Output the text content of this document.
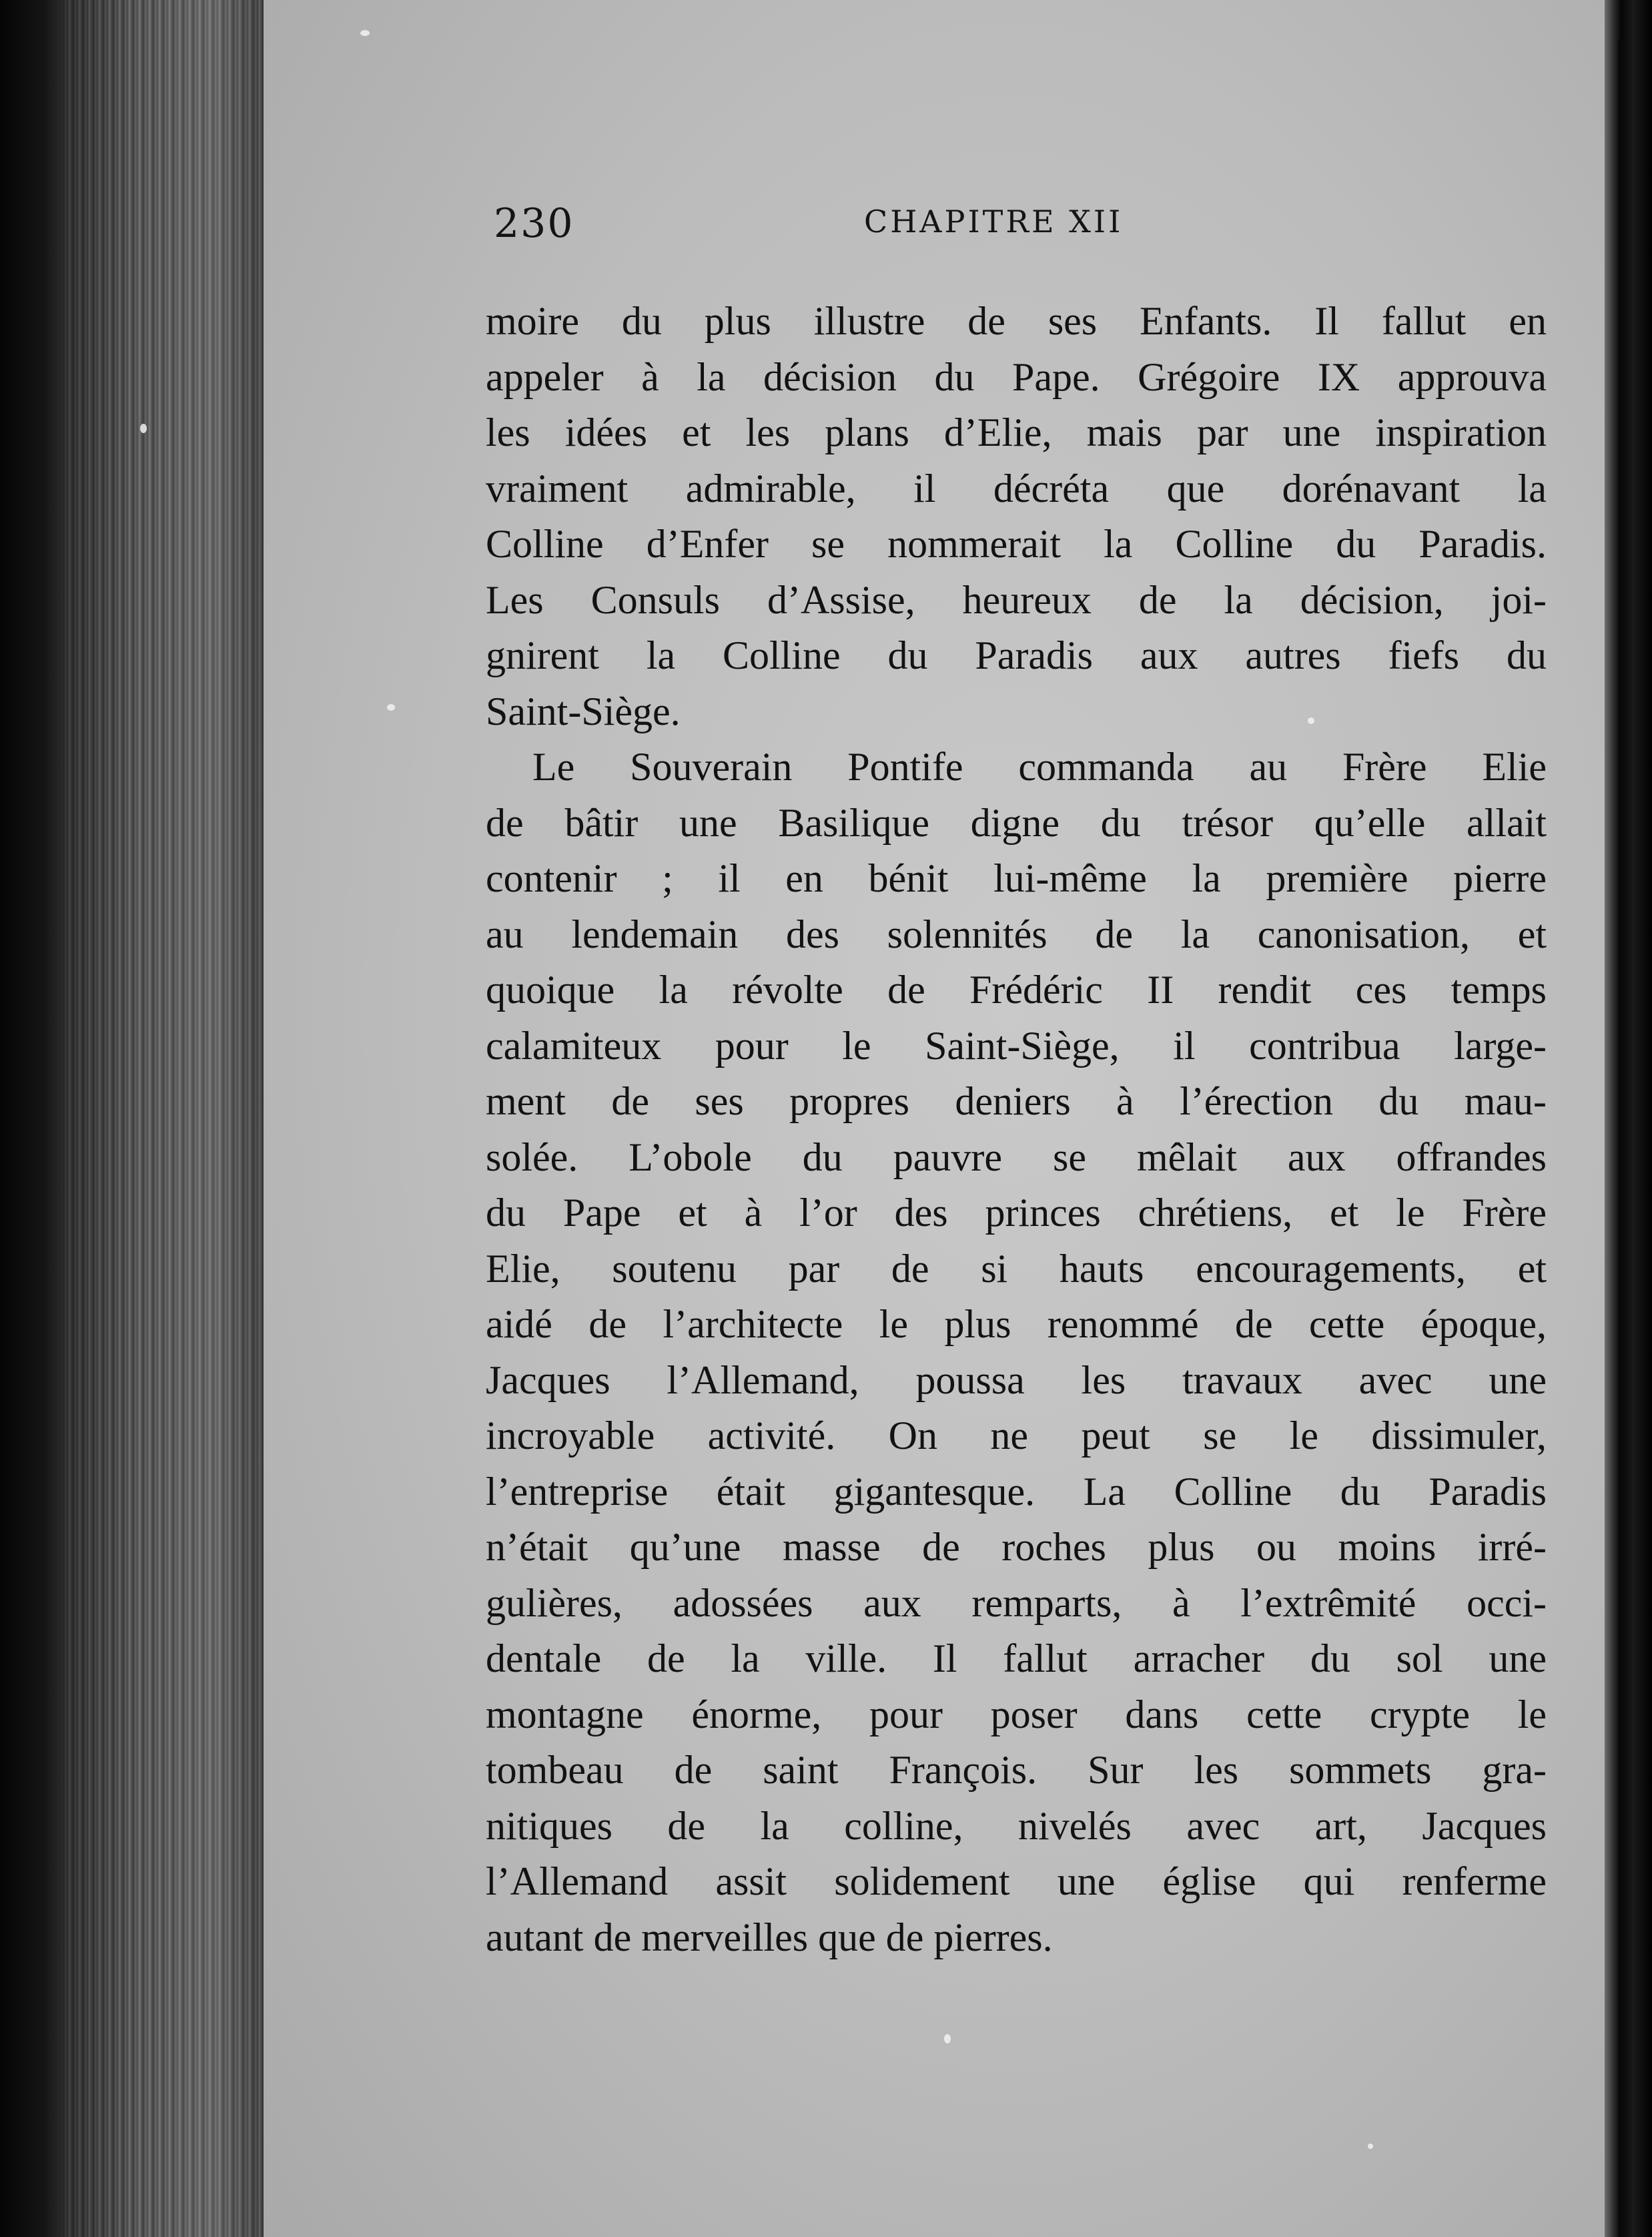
230	CHAPITRE XII
moire du plus illustre de ses Enfants. Il fallut en
appeler à la décision du Pape. Grégoire IX approuva
les idées et les plans d’Elie, mais par une inspiration
vraiment admirable, il décréta que dorénavant la
Colline d’Enfer se nommerait la Colline du Paradis.
Les Consuls d’Assise, heureux de la décision, joi-
gnirent la Colline du Paradis aux autres fiefs du
Saint-Siège.
Le Souverain Pontife commanda au Frère Elie
de bâtir une Basilique digne du trésor qu’elle allait
contenir ; il en bénit lui-même la première pierre
au lendemain des solennités de la canonisation, et
quoique la révolte de Frédéric II rendit ces temps
calamiteux pour le Saint-Siège, il contribua large-
ment de ses propres deniers à l’érection du mau-
solée. L’obole du pauvre se mêlait aux offrandes
du Pape et à l’or des princes chrétiens, et le Frère
Elie, soutenu par de si hauts encouragements, et
aidé de l’architecte le plus renommé de cette époque,
Jacques l’Allemand, poussa les travaux avec une
incroyable activité. On ne peut se le dissimuler,
l’entreprise était gigantesque. La Colline du Paradis
n’était qu’une masse de roches plus ou moins irré-
gulières, adossées aux remparts, à l’extrêmité occi-
dentale de la ville. Il fallut arracher du sol une
montagne énorme, pour poser dans cette crypte le
tombeau de saint François. Sur les sommets gra-
nitiques de la colline, nivelés avec art, Jacques
l’Allemand assit solidement une église qui renferme
autant de merveilles que de pierres.
